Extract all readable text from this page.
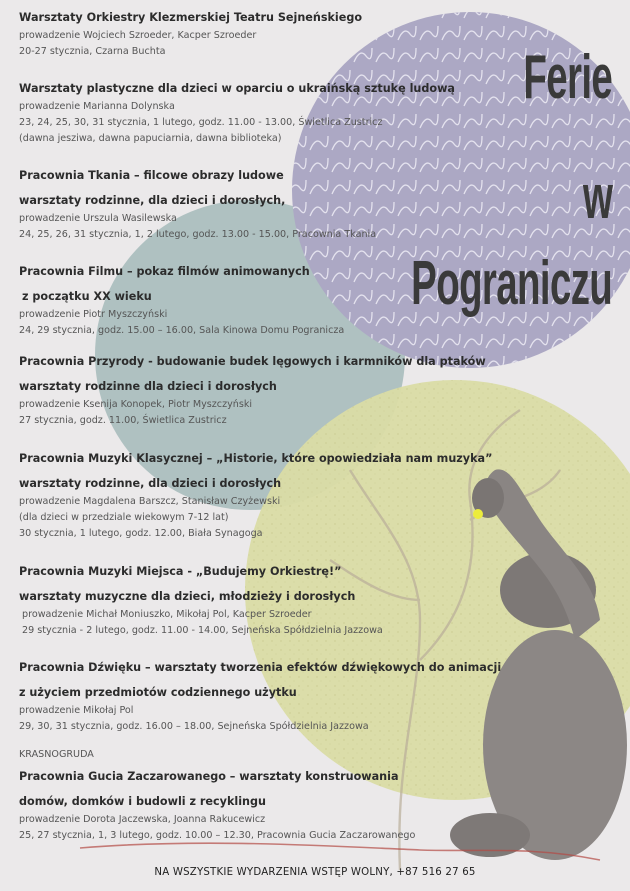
Ferie
w
Pograniczu
Warsztaty Orkiestry Klezmerskiej Teatru Sejneńskiego
prowadzenie Wojciech Szroeder, Kacper Szroeder
20-27 stycznia, Czarna Buchta
Warsztaty plastyczne dla dzieci w oparciu o ukraińską sztukę ludową
prowadzenie Marianna Dolynska
23, 24, 25, 30, 31 stycznia, 1 lutego, godz. 11.00 - 13.00, Świetlica Zustricz
(dawna jesziwa, dawna papuciarnia, dawna biblioteka)
Pracownia Tkania – filcowe obrazy ludowe
warsztaty rodzinne, dla dzieci i dorosłych,
prowadzenie Urszula Wasilewska
24, 25, 26, 31 stycznia, 1, 2 lutego, godz. 13.00 - 15.00, Pracownia Tkania
Pracownia Filmu – pokaz filmów animowanych
z początku XX wieku
prowadzenie Piotr Myszczyński
24, 29 stycznia, godz. 15.00 – 16.00, Sala Kinowa Domu Pogranicza
Pracownia Przyrody - budowanie budek lęgowych i karmników dla ptaków
warsztaty rodzinne dla dzieci i dorosłych
prowadzenie Ksenija Konopek, Piotr Myszczyński
27 stycznia, godz. 11.00, Świetlica Zustricz
Pracownia Muzyki Klasycznej – „Historie, które opowiedziała nam muzyka”
warsztaty rodzinne, dla dzieci i dorosłych
prowadzenie Magdalena Barszcz, Stanisław Czyżewski
(dla dzieci w przedziale wiekowym 7-12 lat)
30 stycznia, 1 lutego, godz. 12.00, Biała Synagoga
Pracownia Muzyki Miejsca - „Budujemy Orkiestrę!”
warsztaty muzyczne dla dzieci, młodzieży i dorosłych
prowadzenie Michał Moniuszko, Mikołaj Pol, Kacper Szroeder
29 stycznia - 2 lutego, godz. 11.00 - 14.00, Sejneńska Spółdzielnia Jazzowa
Pracownia Dźwięku – warsztaty tworzenia efektów dźwiękowych do animacji
z użyciem przedmiotów codziennego użytku
prowadzenie Mikołaj Pol
29, 30, 31 stycznia, godz. 16.00 – 18.00, Sejneńska Spółdzielnia Jazzowa
KRASNOGRUDA
Pracownia Gucia Zaczarowanego – warsztaty konstruowania
domów, domków i budowli z recyklingu
prowadzenie Dorota Jaczewska, Joanna Rakucewicz
25, 27 stycznia, 1, 3 lutego, godz. 10.00 – 12.30, Pracownia Gucia Zaczarowanego
NA WSZYSTKIE WYDARZENIA WSTĘP WOLNY, +87 516 27 65
